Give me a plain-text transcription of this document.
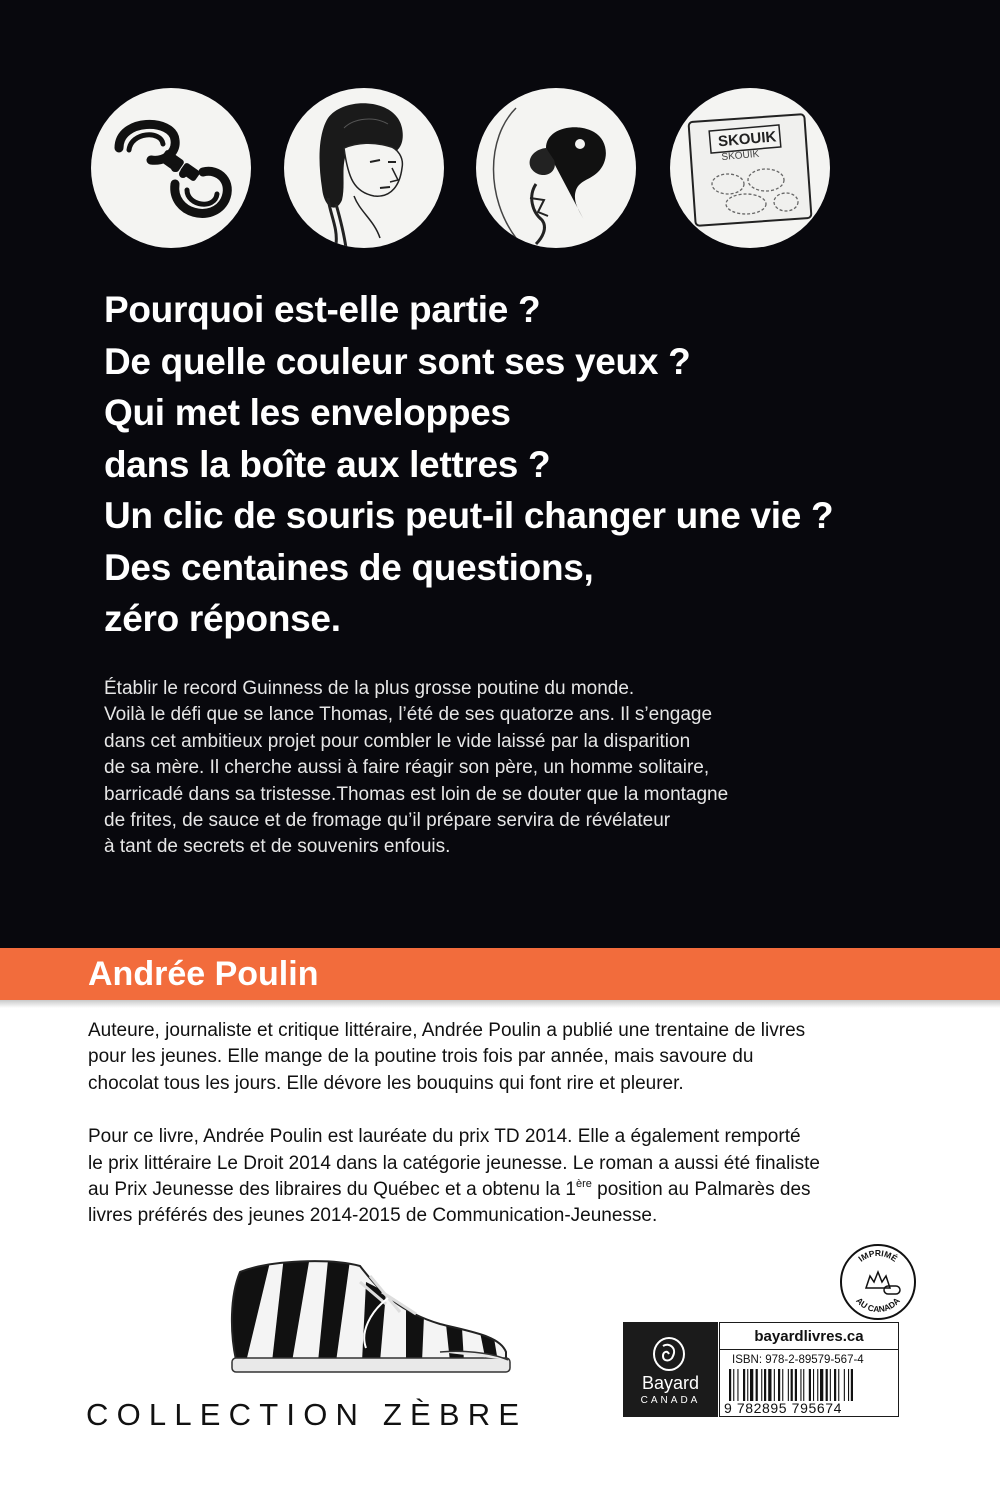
SKOUIK
SKOUIK
Pourquoi est-elle partie ?
De quelle couleur sont ses yeux ?
Qui met les enveloppes
dans la boîte aux lettres ?
Un clic de souris peut-il changer une vie ?
Des centaines de questions,
zéro réponse.
Établir le record Guinness de la plus grosse poutine du monde.
Voilà le défi que se lance Thomas, l’été de ses quatorze ans. Il s’engage
dans cet ambitieux projet pour combler le vide laissé par la disparition
de sa mère. Il cherche aussi à faire réagir son père, un homme solitaire,
barricadé dans sa tristesse.Thomas est loin de se douter que la montagne
de frites, de sauce et de fromage qu’il prépare servira de révélateur
à tant de secrets et de souvenirs enfouis.
Andrée Poulin
Auteure, journaliste et critique littéraire, Andrée Poulin a publié une trentaine de livres
pour les jeunes. Elle mange de la poutine trois fois par année, mais savoure du
chocolat tous les jours. Elle dévore les bouquins qui font rire et pleurer.
Pour ce livre, Andrée Poulin est lauréate du prix TD 2014. Elle a également remporté
le prix littéraire Le Droit 2014 dans la catégorie jeunesse. Le roman a aussi été finaliste
au Prix Jeunesse des libraires du Québec et a obtenu la 1ère position au Palmarès des
livres préférés des jeunes 2014-2015 de Communication-Jeunesse.
COLLECTION ZÈBRE
IMPRIMÉ
AU CANADA
Bayard
CANADA
bayardlivres.ca
ISBN: 978-2-89579-567-4
9 782895 795674
